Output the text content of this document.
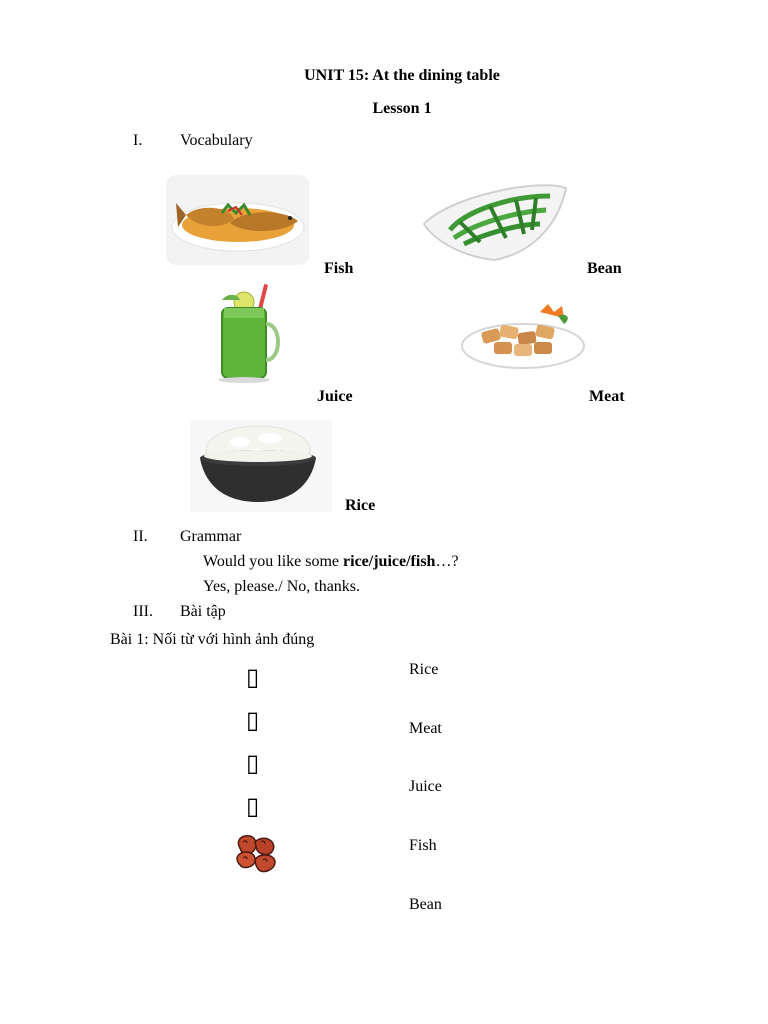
UNIT 15: At the dining table
Lesson 1
I. Vocabulary
Fish	Bean
Juice	Meat
Rice
II. Grammar
Would you like some rice/juice/fish…?
Yes, please./ No, thanks.
III. Bài tập
Bài 1: Nối từ với hình ảnh đúng
▯
▯
▯
▯
Rice
Meat
Juice
Fish
Bean
